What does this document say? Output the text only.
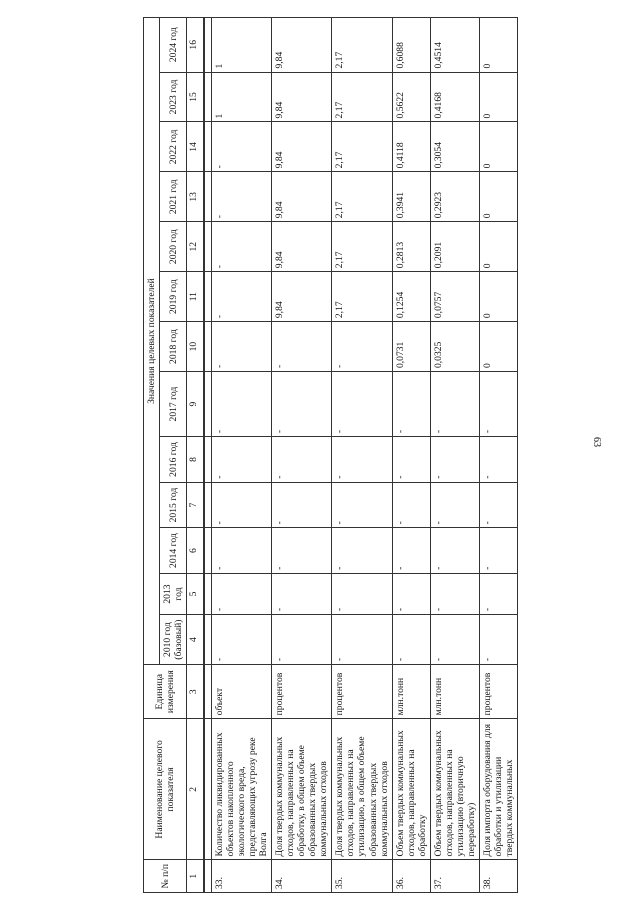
63
№ п/п	Наименование целевого показателя	Единица измерения	Значения целевых показателей												
			2010 год (базовый)	2013 год	2014 год	2015 год	2016 год	2017 год	2018 год	2019 год	2020 год	2021 год	2022 год	2023 год	2024 год
1	2	3	4	5	6	7	8	9	10	11	12	13	14	15	16

33.	Количество ликвидированных объектов накопленного экологического вреда, представляющих угрозу реке Волга	объект	-	-	-	-	-	-	-	-	-	-	-	1	1
34.	Доля твердых коммунальных отходов, направленных на обработку, в общем объеме образованных твердых коммунальных отходов	процентов	-	-	-	-	-	-	-	9,84	9,84	9,84	9,84	9,84	9,84
35.	Доля твердых коммунальных отходов, направленных на утилизацию, в общем объеме образованных твердых коммунальных отходов	процентов	-	-	-	-	-	-	-	2,17	2,17	2,17	2,17	2,17	2,17
36.	Объем твердых коммунальных отходов, направленных на обработку	млн.тонн	-	-	-	-	-	-	0,0731	0,1254	0,2813	0,3941	0,4118	0,5622	0,6088
37.	Объем твердых коммунальных отходов, направленных на утилизацию (вторичную переработку)	млн.тонн	-	-	-	-	-	-	0,0325	0,0757	0,2091	0,2923	0,3054	0,4168	0,4514
38.	Доля импорта оборудования для обработки и утилизации твердых коммунальных	процентов	-	-	-	-	-	-	0	0	0	0	0	0	0
